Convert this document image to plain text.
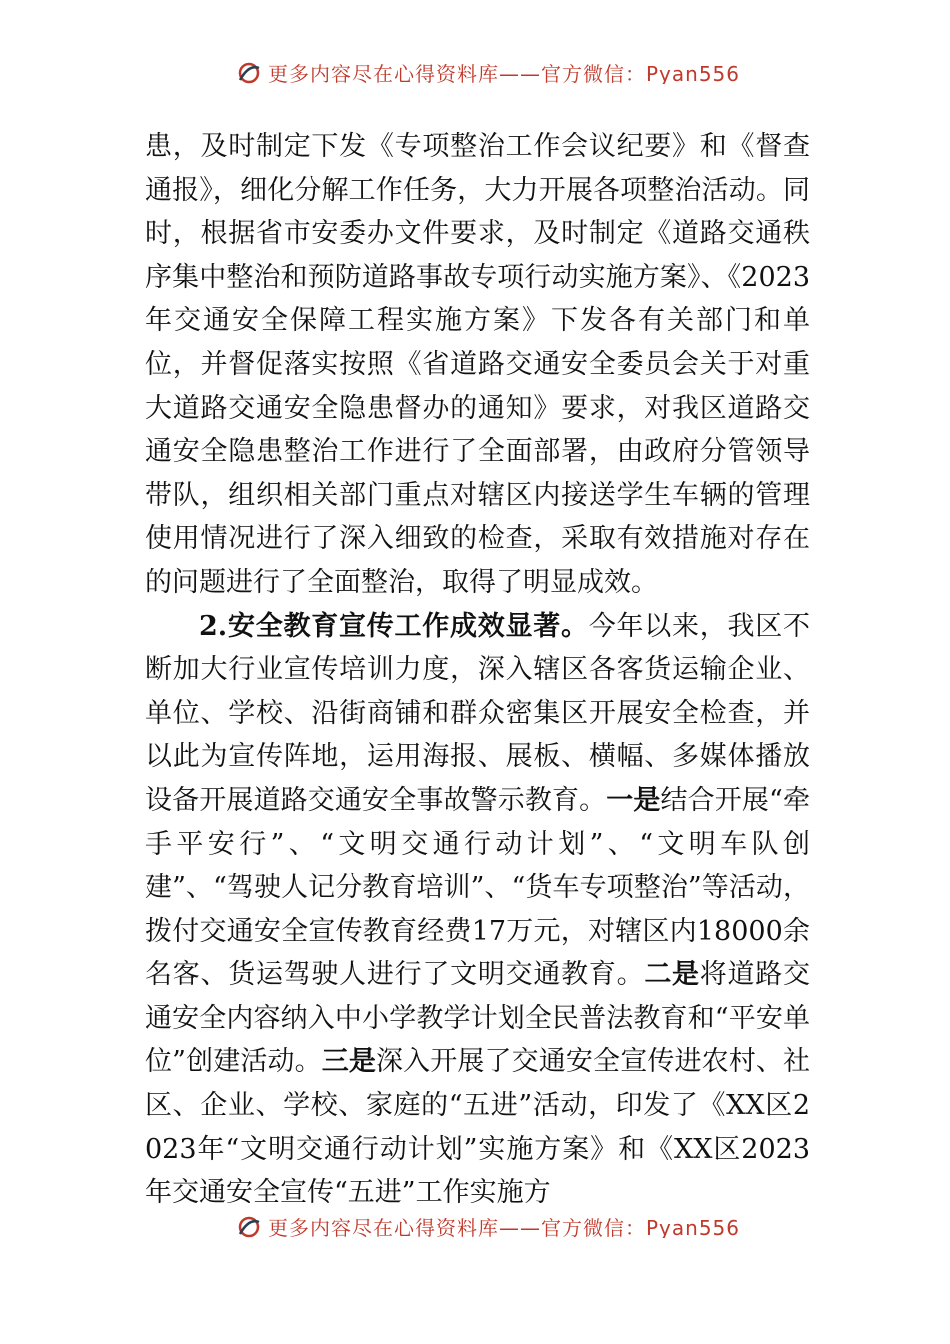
更多内容尽在心得资料库——官方微信：Pyan556

患，及时制定下发《专项整治工作会议纪要》和《督查通报》，细化分解工作任务，大力开展各项整治活动。同时，根据省市安委办文件要求，及时制定《道路交通秩序集中整治和预防道路事故专项行动实施方案》、《2023年交通安全保障工程实施方案》下发各有关部门和单位，并督促落实按照《省道路交通安全委员会关于对重大道路交通安全隐患督办的通知》要求，对我区道路交通安全隐患整治工作进行了全面部署，由政府分管领导带队，组织相关部门重点对辖区内接送学生车辆的管理使用情况进行了深入细致的检查，采取有效措施对存在的问题进行了全面整治，取得了明显成效。

2.安全教育宣传工作成效显著。今年以来，我区不断加大行业宣传培训力度，深入辖区各客货运输企业、单位、学校、沿街商铺和群众密集区开展安全检查，并以此为宣传阵地，运用海报、展板、横幅、多媒体播放设备开展道路交通安全事故警示教育。一是结合开展“牵手平安行”、“文明交通行动计划”、“文明车队创建”、“驾驶人记分教育培训”、“货车专项整治”等活动，拨付交通安全宣传教育经费17万元，对辖区内18000余名客、货运驾驶人进行了文明交通教育。二是将道路交通安全内容纳入中小学教学计划全民普法教育和“平安单位”创建活动。三是深入开展了交通安全宣传进农村、社区、企业、学校、家庭的“五进”活动，印发了《XX区2023年“文明交通行动计划”实施方案》和《XX区2023年交通安全宣传“五进”工作实施方

更多内容尽在心得资料库——官方微信：Pyan556
